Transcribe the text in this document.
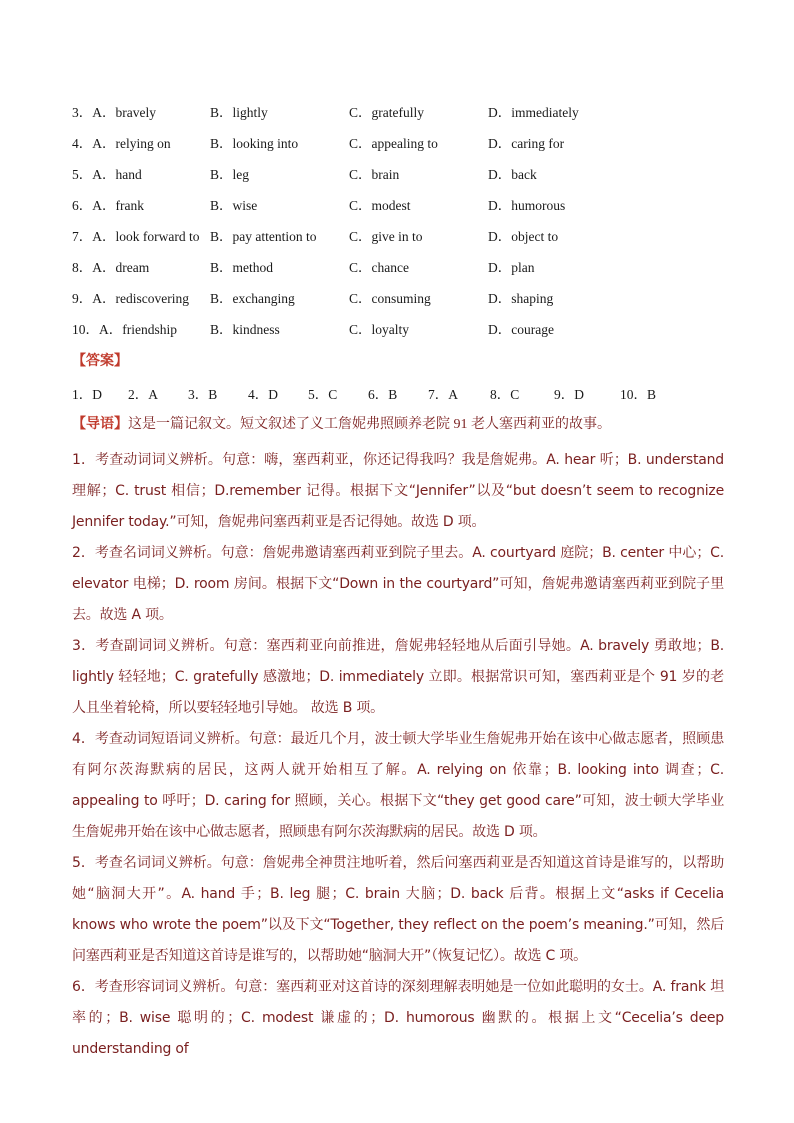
3．A．bravely	B．lightly	C．gratefully	D．immediately
4．A．relying on	B．looking into	C．appealing to	D．caring for
5．A．hand	B．leg	C．brain	D．back
6．A．frank	B．wise	C．modest	D．humorous
7．A．look forward to B．pay attention to C．give in to	D．object to
8．A．dream	B．method	C．chance	D．plan
9．A．rediscovering B．exchanging	C．consuming	D．shaping
10．A．friendship B．kindness	C．loyalty	D．courage
【答案】
1．D 2．A 3．B 4．D 5．C 6．B 7．A 8．C	9．D	10．B
【导语】这是一篇记叙文。短文叙述了义工詹妮弗照顾养老院 91 老人塞西莉亚的故事。

1．考查动词词义辨析。句意：嗨，塞西莉亚，你还记得我吗？我是詹妮弗。A. hear 听；B. understand 理解；C. trust 相信；D.remember 记得。根据下文“Jennifer”以及“but doesn’t seem to recognize Jennifer today.”可知，詹妮弗问塞西莉亚是否记得她。故选 D 项。

2．考查名词词义辨析。句意：詹妮弗邀请塞西莉亚到院子里去。A. courtyard 庭院；B. center 中心；C. elevator 电梯；D. room 房间。根据下文“Down in the courtyard”可知，詹妮弗邀请塞西莉亚到院子里去。故选 A 项。

3．考查副词词义辨析。句意：塞西莉亚向前推进，詹妮弗轻轻地从后面引导她。A. bravely 勇敢地；B. lightly 轻轻地；C. gratefully 感激地；D. immediately 立即。根据常识可知，塞西莉亚是个 91 岁的老人且坐着轮椅，所以要轻轻地引导她。 故选 B 项。

4．考查动词短语词义辨析。句意：最近几个月，波士顿大学毕业生詹妮弗开始在该中心做志愿者，照顾患有阿尔茨海默病的居民，这两人就开始相互了解。A. relying on 依靠；B. looking into 调查；C. appealing to 呼吁；D. caring for 照顾，关心。根据下文“they get good care”可知，波士顿大学毕业生詹妮弗开始在该中心做志愿者，照顾患有阿尔茨海默病的居民。故选 D 项。

5．考查名词词义辨析。句意：詹妮弗全神贯注地听着，然后问塞西莉亚是否知道这首诗是谁写的，以帮助她“脑洞大开”。A. hand 手；B. leg 腿；C. brain 大脑；D. back 后背。根据上文“asks if Cecelia knows who wrote the poem”以及下文“Together, they reflect on the poem’s meaning.”可知，然后问塞西莉亚是否知道这首诗是谁写的，以帮助她“脑洞大开”（恢复记忆）。故选 C 项。

6．考查形容词词义辨析。句意：塞西莉亚对这首诗的深刻理解表明她是一位如此聪明的女士。A. frank 坦率的；B. wise 聪明的；C. modest 谦虚的；D. humorous 幽默的。根据上文“Cecelia’s deep understanding of
